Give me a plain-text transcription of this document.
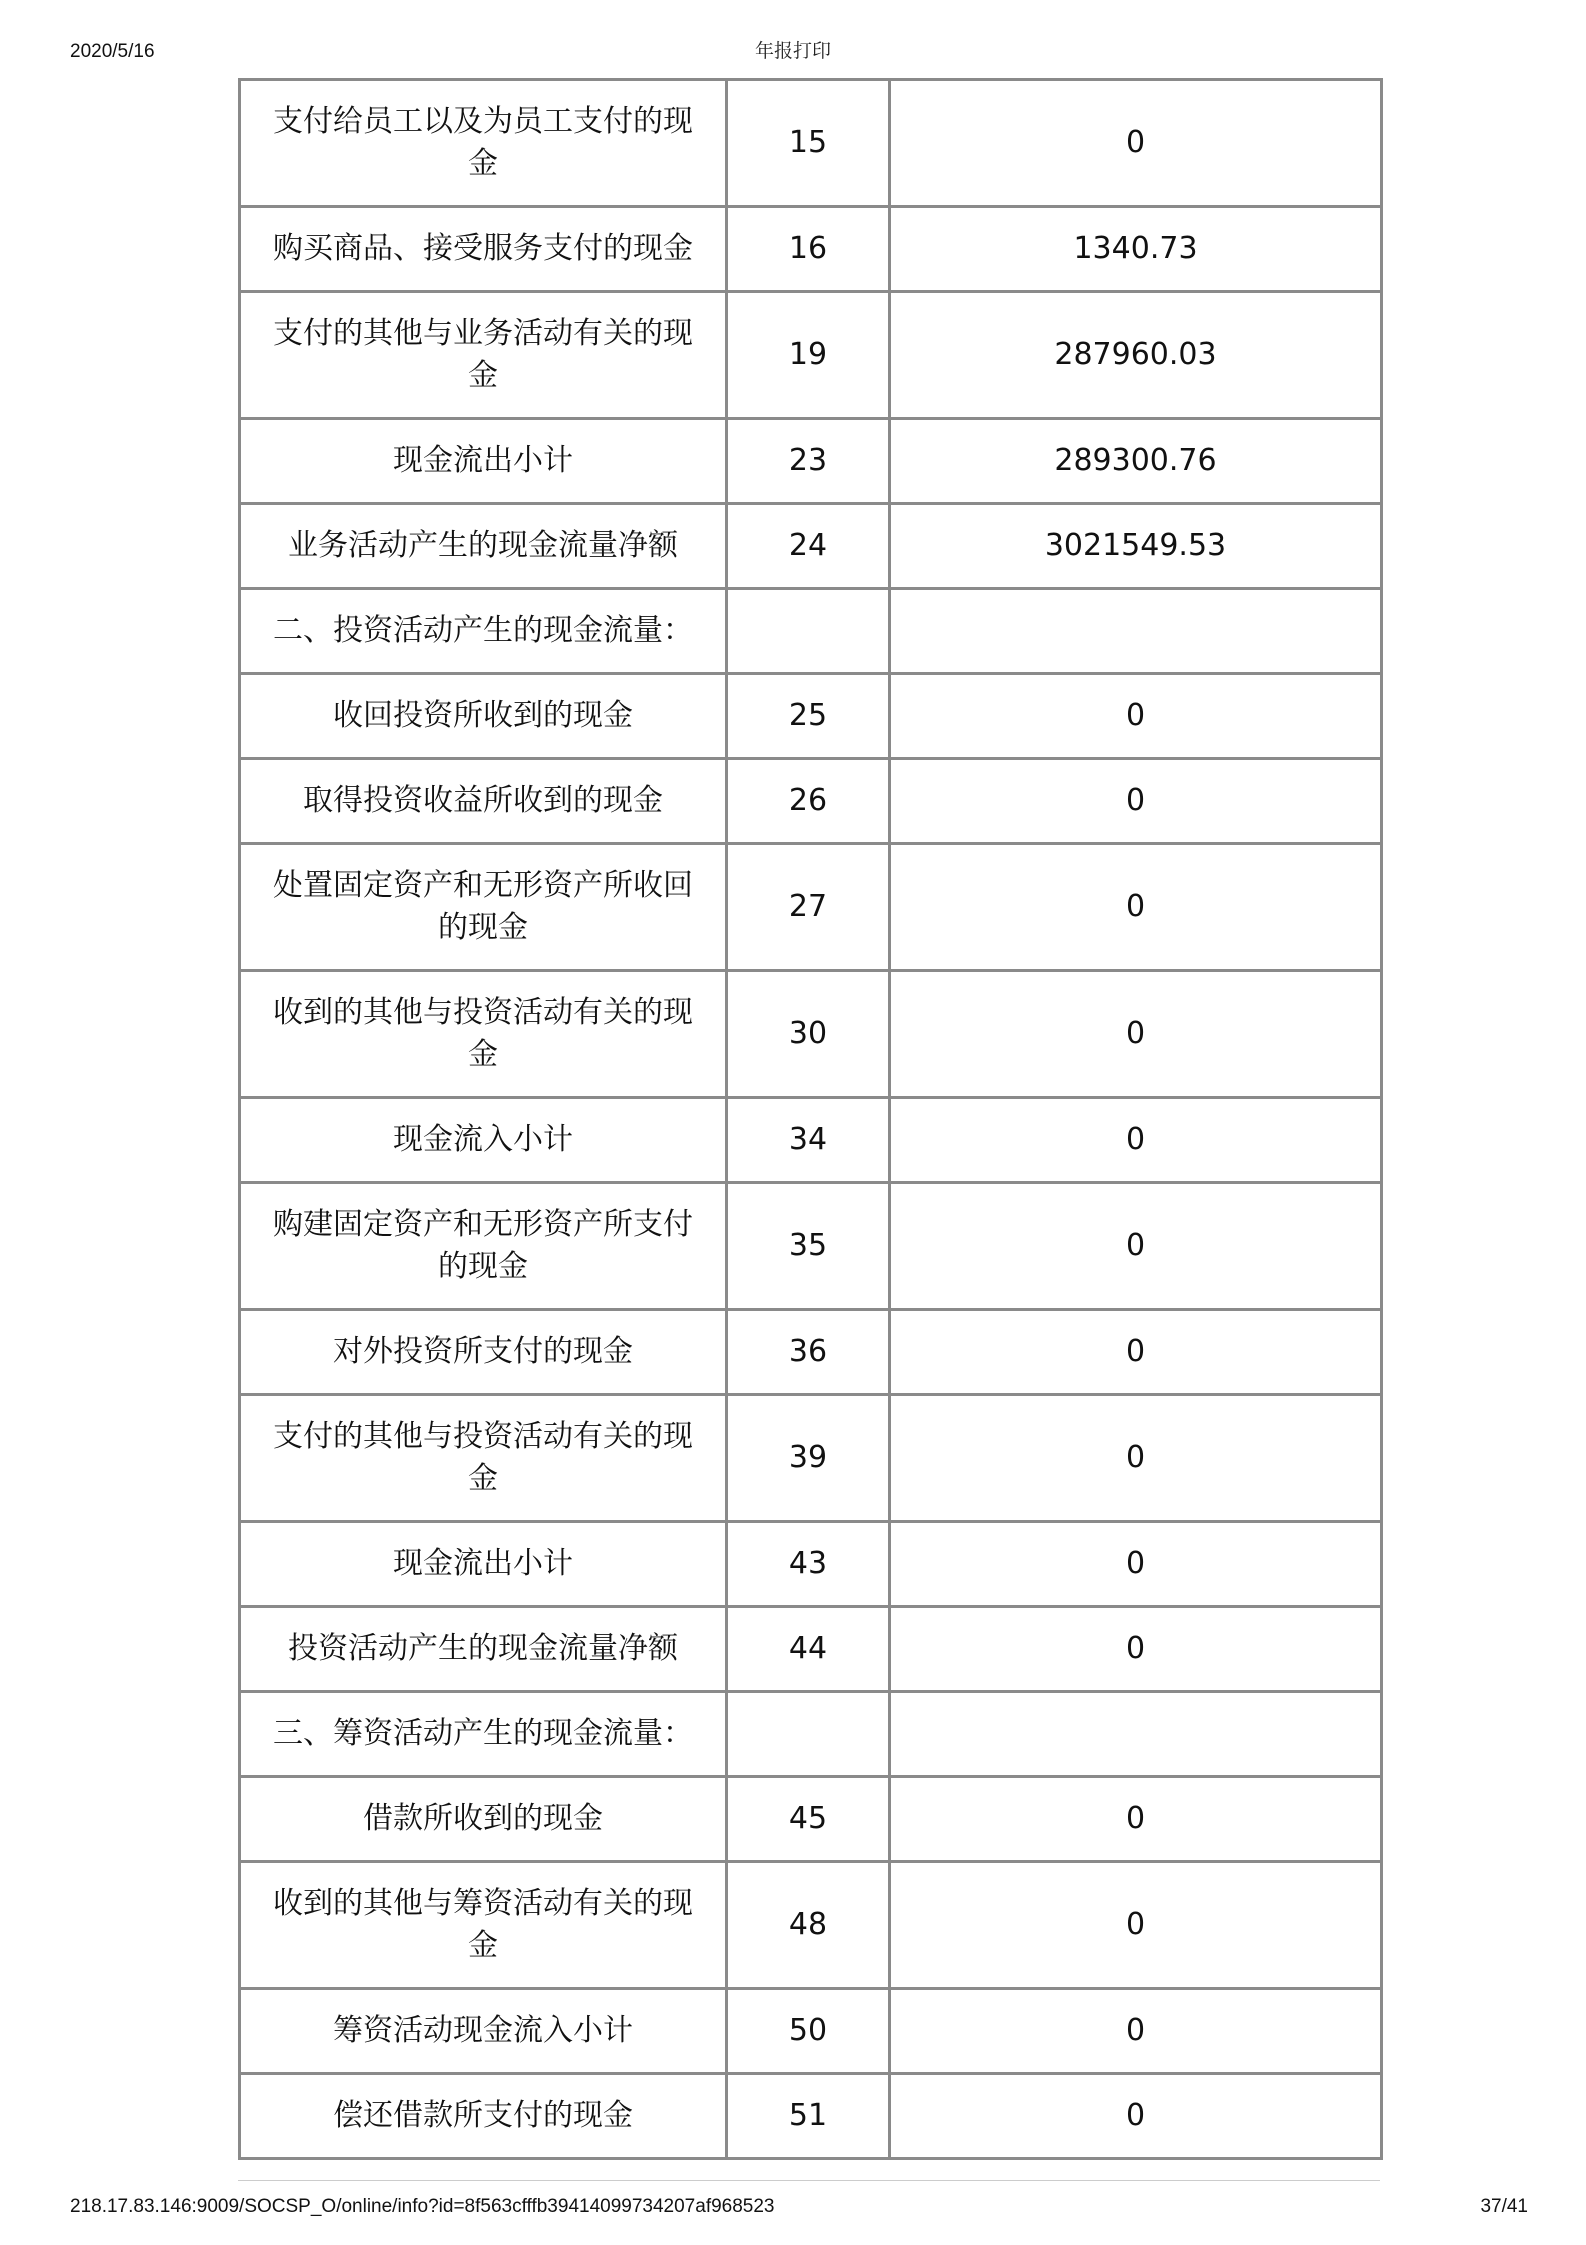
2020/5/16	年报打印
支付给员工以及为员工支付的现金	15	0
购买商品、接受服务支付的现金	16	1340.73
支付的其他与业务活动有关的现金	19	287960.03
现金流出小计	23	289300.76
业务活动产生的现金流量净额	24	3021549.53
二、投资活动产生的现金流量：		
收回投资所收到的现金	25	0
取得投资收益所收到的现金	26	0
处置固定资产和无形资产所收回的现金	27	0
收到的其他与投资活动有关的现金	30	0
现金流入小计	34	0
购建固定资产和无形资产所支付的现金	35	0
对外投资所支付的现金	36	0
支付的其他与投资活动有关的现金	39	0
现金流出小计	43	0
投资活动产生的现金流量净额	44	0
三、筹资活动产生的现金流量：		
借款所收到的现金	45	0
收到的其他与筹资活动有关的现金	48	0
筹资活动现金流入小计	50	0
偿还借款所支付的现金	51	0
218.17.83.146:9009/SOCSP_O/online/info?id=8f563cfffb39414099734207af968523	37/41
